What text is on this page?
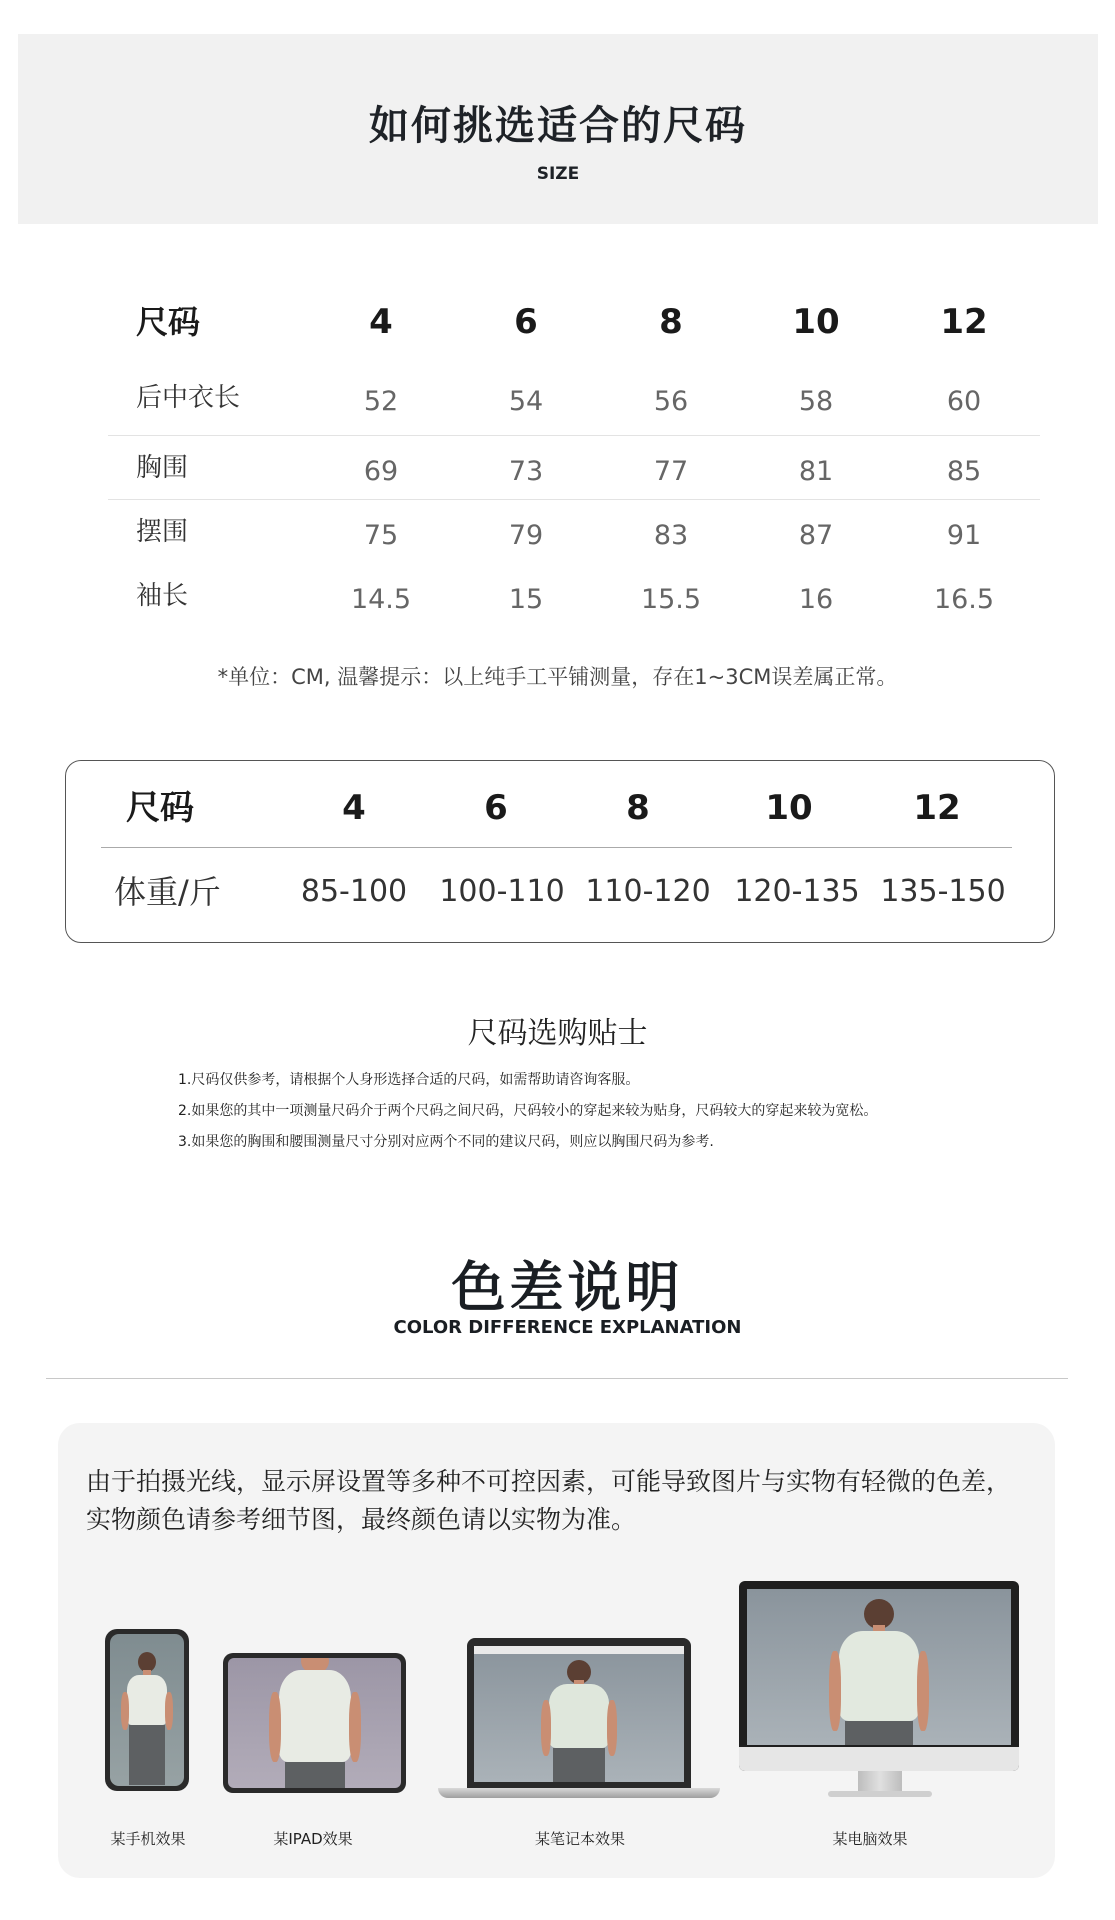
如何挑选适合的尺码
SIZE
尺码	4	6	8	10	12
后中衣长	52	54	56	58	60
胸围	69	73	77	81	85
摆围	75	79	83	87	91
袖长	14.5	15	15.5	16	16.5
*单位：CM, 温馨提示：以上纯手工平铺测量，存在1~3CM误差属正常。
尺码	4	6	8	10	12
体重/斤	85-100	100-110 110-120 120-135 135-150
尺码选购贴士
1.尺码仅供参考，请根据个人身形选择合适的尺码，如需帮助请咨询客服。
2.如果您的其中一项测量尺码介于两个尺码之间尺码，尺码较小的穿起来较为贴身，尺码较大的穿起来较为宽松。
3.如果您的胸围和腰围测量尺寸分别对应两个不同的建议尺码，则应以胸围尺码为参考.
色差说明
COLOR DIFFERENCE EXPLANATION
由于拍摄光线，显示屏设置等多种不可控因素，可能导致图片与实物有轻微的色差，
实物颜色请参考细节图，最终颜色请以实物为准。
某手机效果	某IPAD效果	某笔记本效果	某电脑效果
